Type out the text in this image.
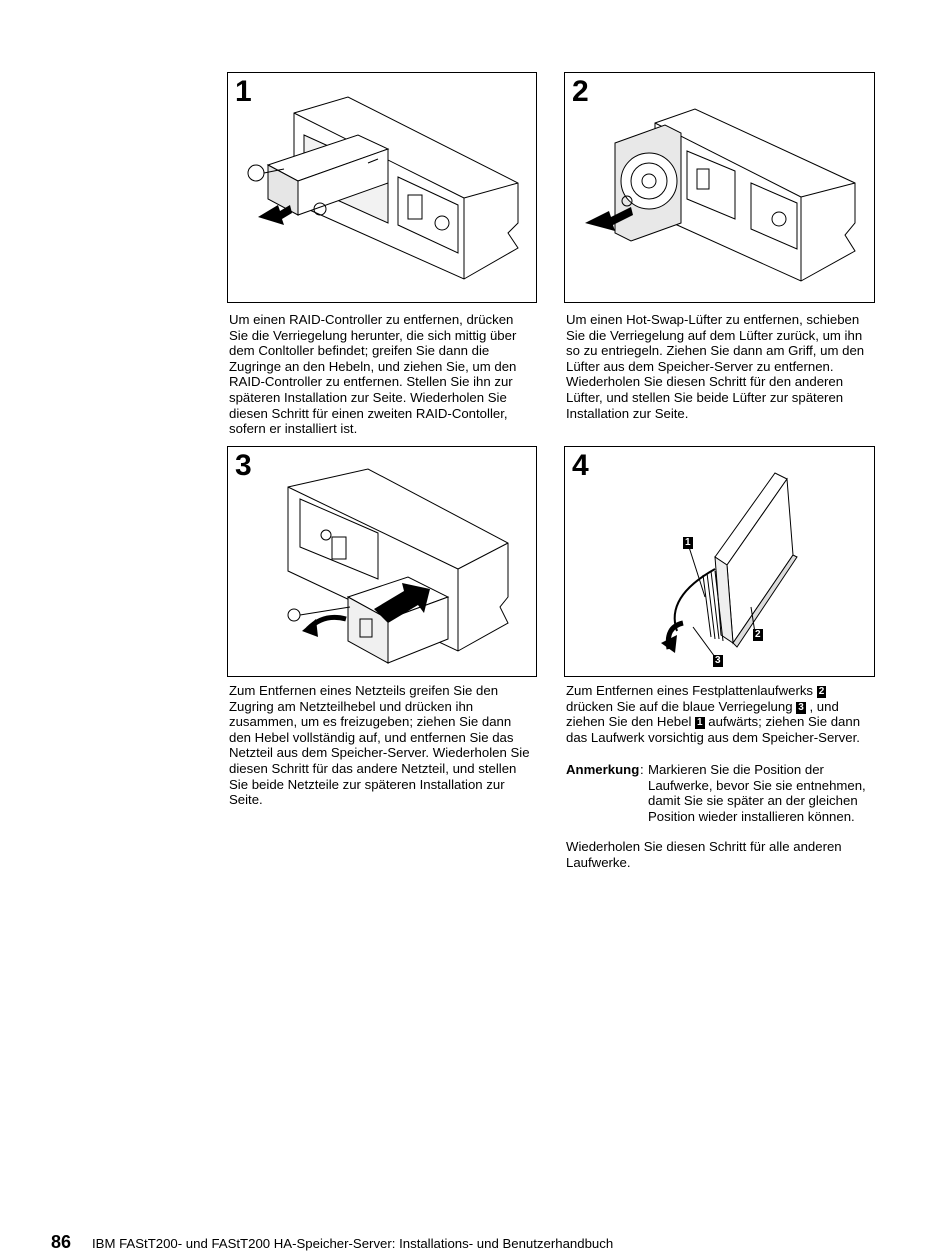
1

Um einen RAID-Controller zu entfernen, drücken Sie die Verriegelung herunter, die sich mittig über dem Conltoller befindet; greifen Sie dann die Zugringe an den Hebeln, und ziehen Sie, um den RAID-Controller zu entfernen. Stellen Sie ihn zur späteren Installation zur Seite. Wiederholen Sie diesen Schritt für einen zweiten RAID-Contoller, sofern er installiert ist.

2

Um einen Hot-Swap-Lüfter zu entfernen, schieben Sie die Verriegelung auf dem Lüfter zurück, um ihn so zu entriegeln. Ziehen Sie dann am Griff, um den Lüfter aus dem Speicher-Server zu entfernen. Wiederholen Sie diesen Schritt für den anderen Lüfter, und stellen Sie beide Lüfter zur späteren Installation zur Seite.

3

Zum Entfernen eines Netzteils greifen Sie den Zugring am Netzteilhebel und drücken ihn zusammen, um es freizugeben; ziehen Sie dann den Hebel vollständig auf, und entfernen Sie das Netzteil aus dem Speicher-Server. Wiederholen Sie diesen Schritt für das andere Netzteil, und stellen Sie beide Netzteile zur späteren Installation zur Seite.

4
1
2
3

Zum Entfernen eines Festplattenlaufwerks 2 drücken Sie auf die blaue Verriegelung 3 , und ziehen Sie den Hebel 1 aufwärts; ziehen Sie dann das Laufwerk vorsichtig aus dem Speicher-Server.

Anmerkung : Markieren Sie die Position der Laufwerke, bevor Sie sie entnehmen, damit Sie sie später an der gleichen Position wieder installieren können.

Wiederholen Sie diesen Schritt für alle anderen Laufwerke.

86 IBM FAStT200- und FAStT200 HA-Speicher-Server: Installations- und Benutzerhandbuch
